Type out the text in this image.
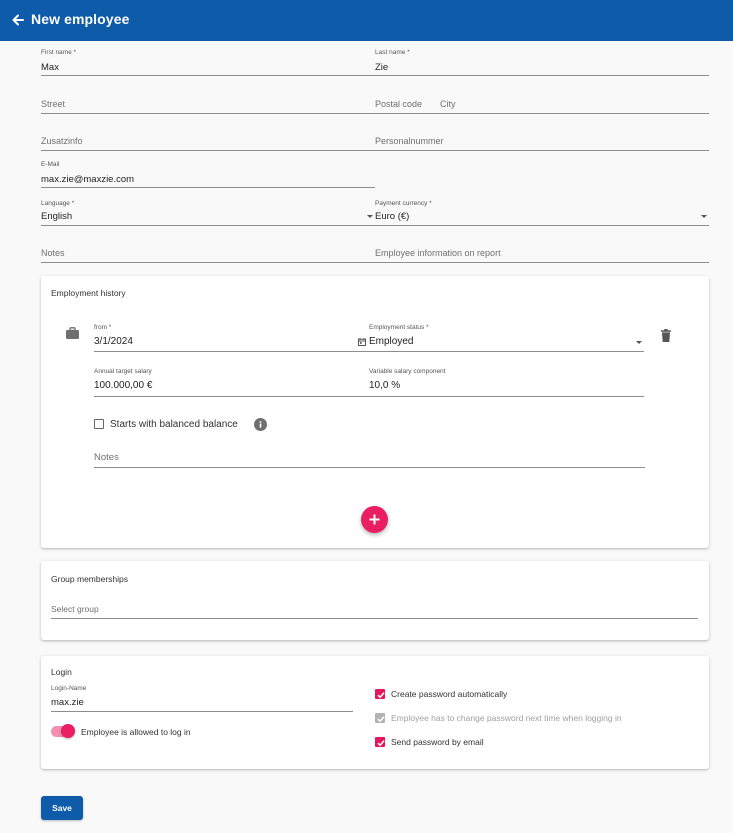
New employee
First name *
Max
Last name *
Zie
Street	Postal code City
Zusatzinfo	Personalnummer
E-Mail
max.zie@maxzie.com
Language *
English
Payment currency *
Euro (€)
Notes	Employee information on report
Employment history
from *
3/1/2024
Employment status *
Employed
Annual target salary
100.000,00 €
Variable salary component
10,0 %
Starts with balanced balance
Notes
Group memberships
Select group
Login
Login-Name
max.zie
Employee is allowed to log in
Create password automatically
Employee has to change password next time when logging in
Send password by email
Save
